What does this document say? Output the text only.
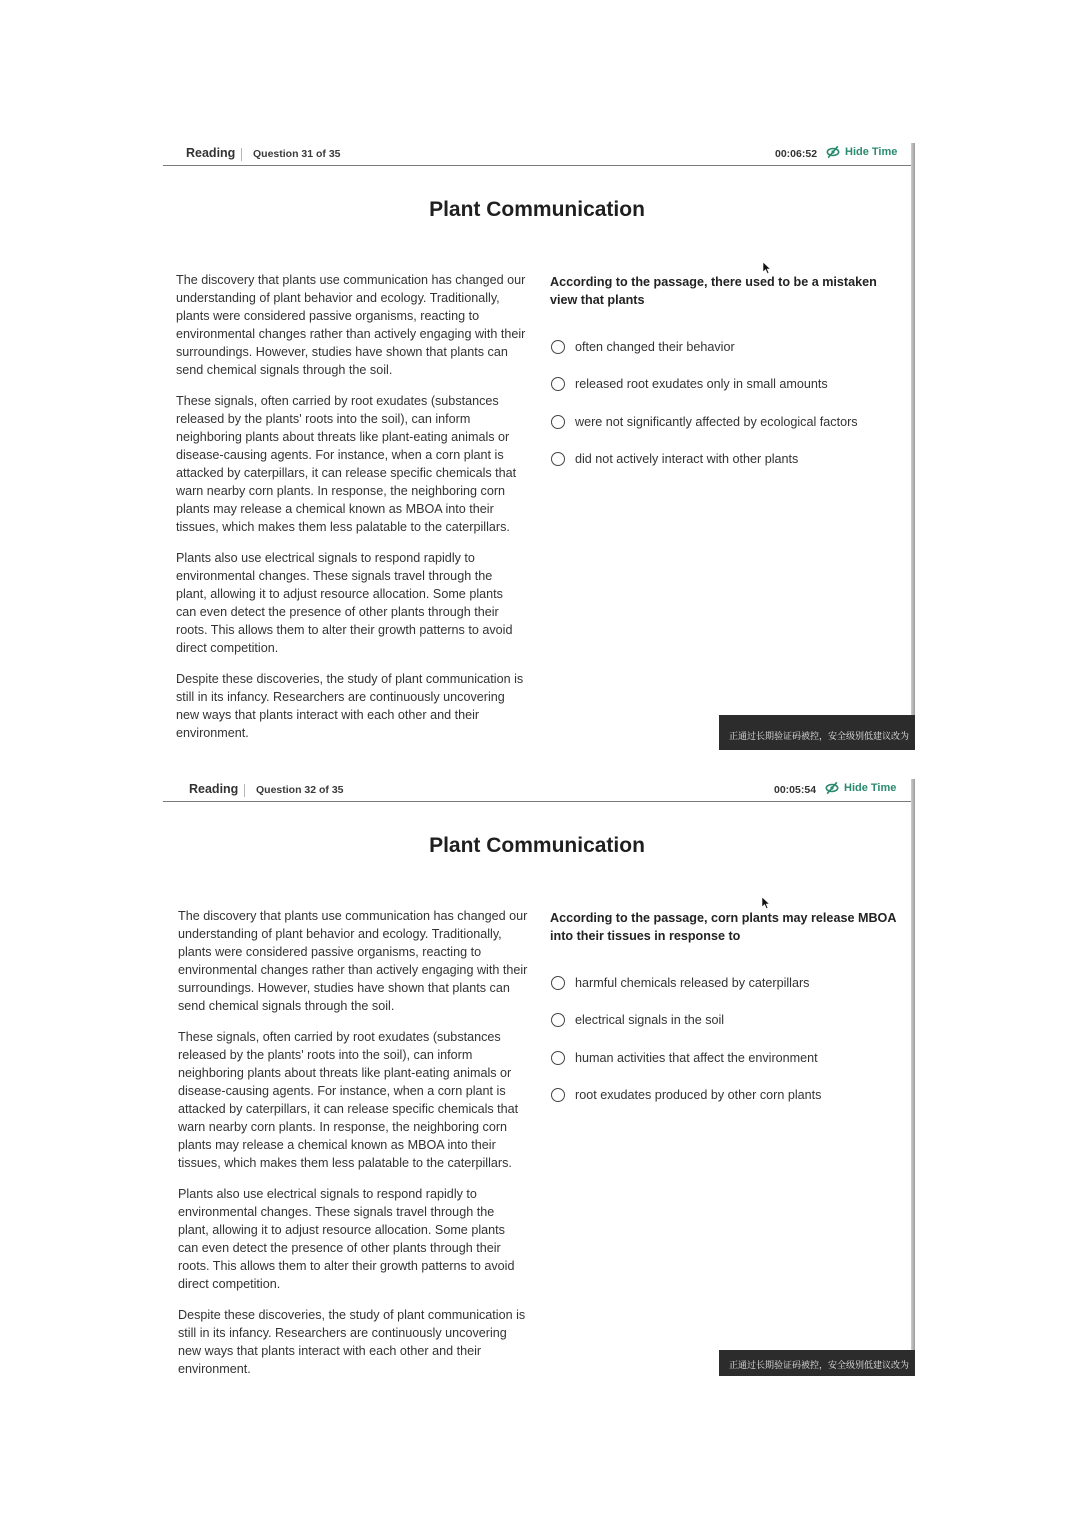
Reading Question 31 of 35	00:06:52	Hide Time
Plant Communication

The discovery that plants use communication has changed our understanding of plant behavior and ecology. Traditionally, plants were considered passive organisms, reacting to environmental changes rather than actively engaging with their surroundings. However, studies have shown that plants can send chemical signals through the soil.

These signals, often carried by root exudates (substances released by the plants' roots into the soil), can inform neighboring plants about threats like plant-eating animals or disease-causing agents. For instance, when a corn plant is attacked by caterpillars, it can release specific chemicals that warn nearby corn plants. In response, the neighboring corn plants may release a chemical known as MBOA into their tissues, which makes them less palatable to the caterpillars.

Plants also use electrical signals to respond rapidly to environmental changes. These signals travel through the plant, allowing it to adjust resource allocation. Some plants can even detect the presence of other plants through their roots. This allows them to alter their growth patterns to avoid direct competition.

Despite these discoveries, the study of plant communication is still in its infancy. Researchers are continuously uncovering new ways that plants interact with each other and their environment.

According to the passage, there used to be a mistaken view that plants
often changed their behavior
released root exudates only in small amounts
were not significantly affected by ecological factors
did not actively interact with other plants
正通过长期验证码被控，安全级别低建议改为
Reading Question 32 of 35	00:05:54	Hide Time
Plant Communication

The discovery that plants use communication has changed our understanding of plant behavior and ecology. Traditionally, plants were considered passive organisms, reacting to environmental changes rather than actively engaging with their surroundings. However, studies have shown that plants can send chemical signals through the soil.

These signals, often carried by root exudates (substances released by the plants' roots into the soil), can inform neighboring plants about threats like plant-eating animals or disease-causing agents. For instance, when a corn plant is attacked by caterpillars, it can release specific chemicals that warn nearby corn plants. In response, the neighboring corn plants may release a chemical known as MBOA into their tissues, which makes them less palatable to the caterpillars.

Plants also use electrical signals to respond rapidly to environmental changes. These signals travel through the plant, allowing it to adjust resource allocation. Some plants can even detect the presence of other plants through their roots. This allows them to alter their growth patterns to avoid direct competition.

Despite these discoveries, the study of plant communication is still in its infancy. Researchers are continuously uncovering new ways that plants interact with each other and their environment.

According to the passage, corn plants may release MBOA into their tissues in response to
harmful chemicals released by caterpillars
electrical signals in the soil
human activities that affect the environment
root exudates produced by other corn plants
正通过长期验证码被控，安全级别低建议改为
